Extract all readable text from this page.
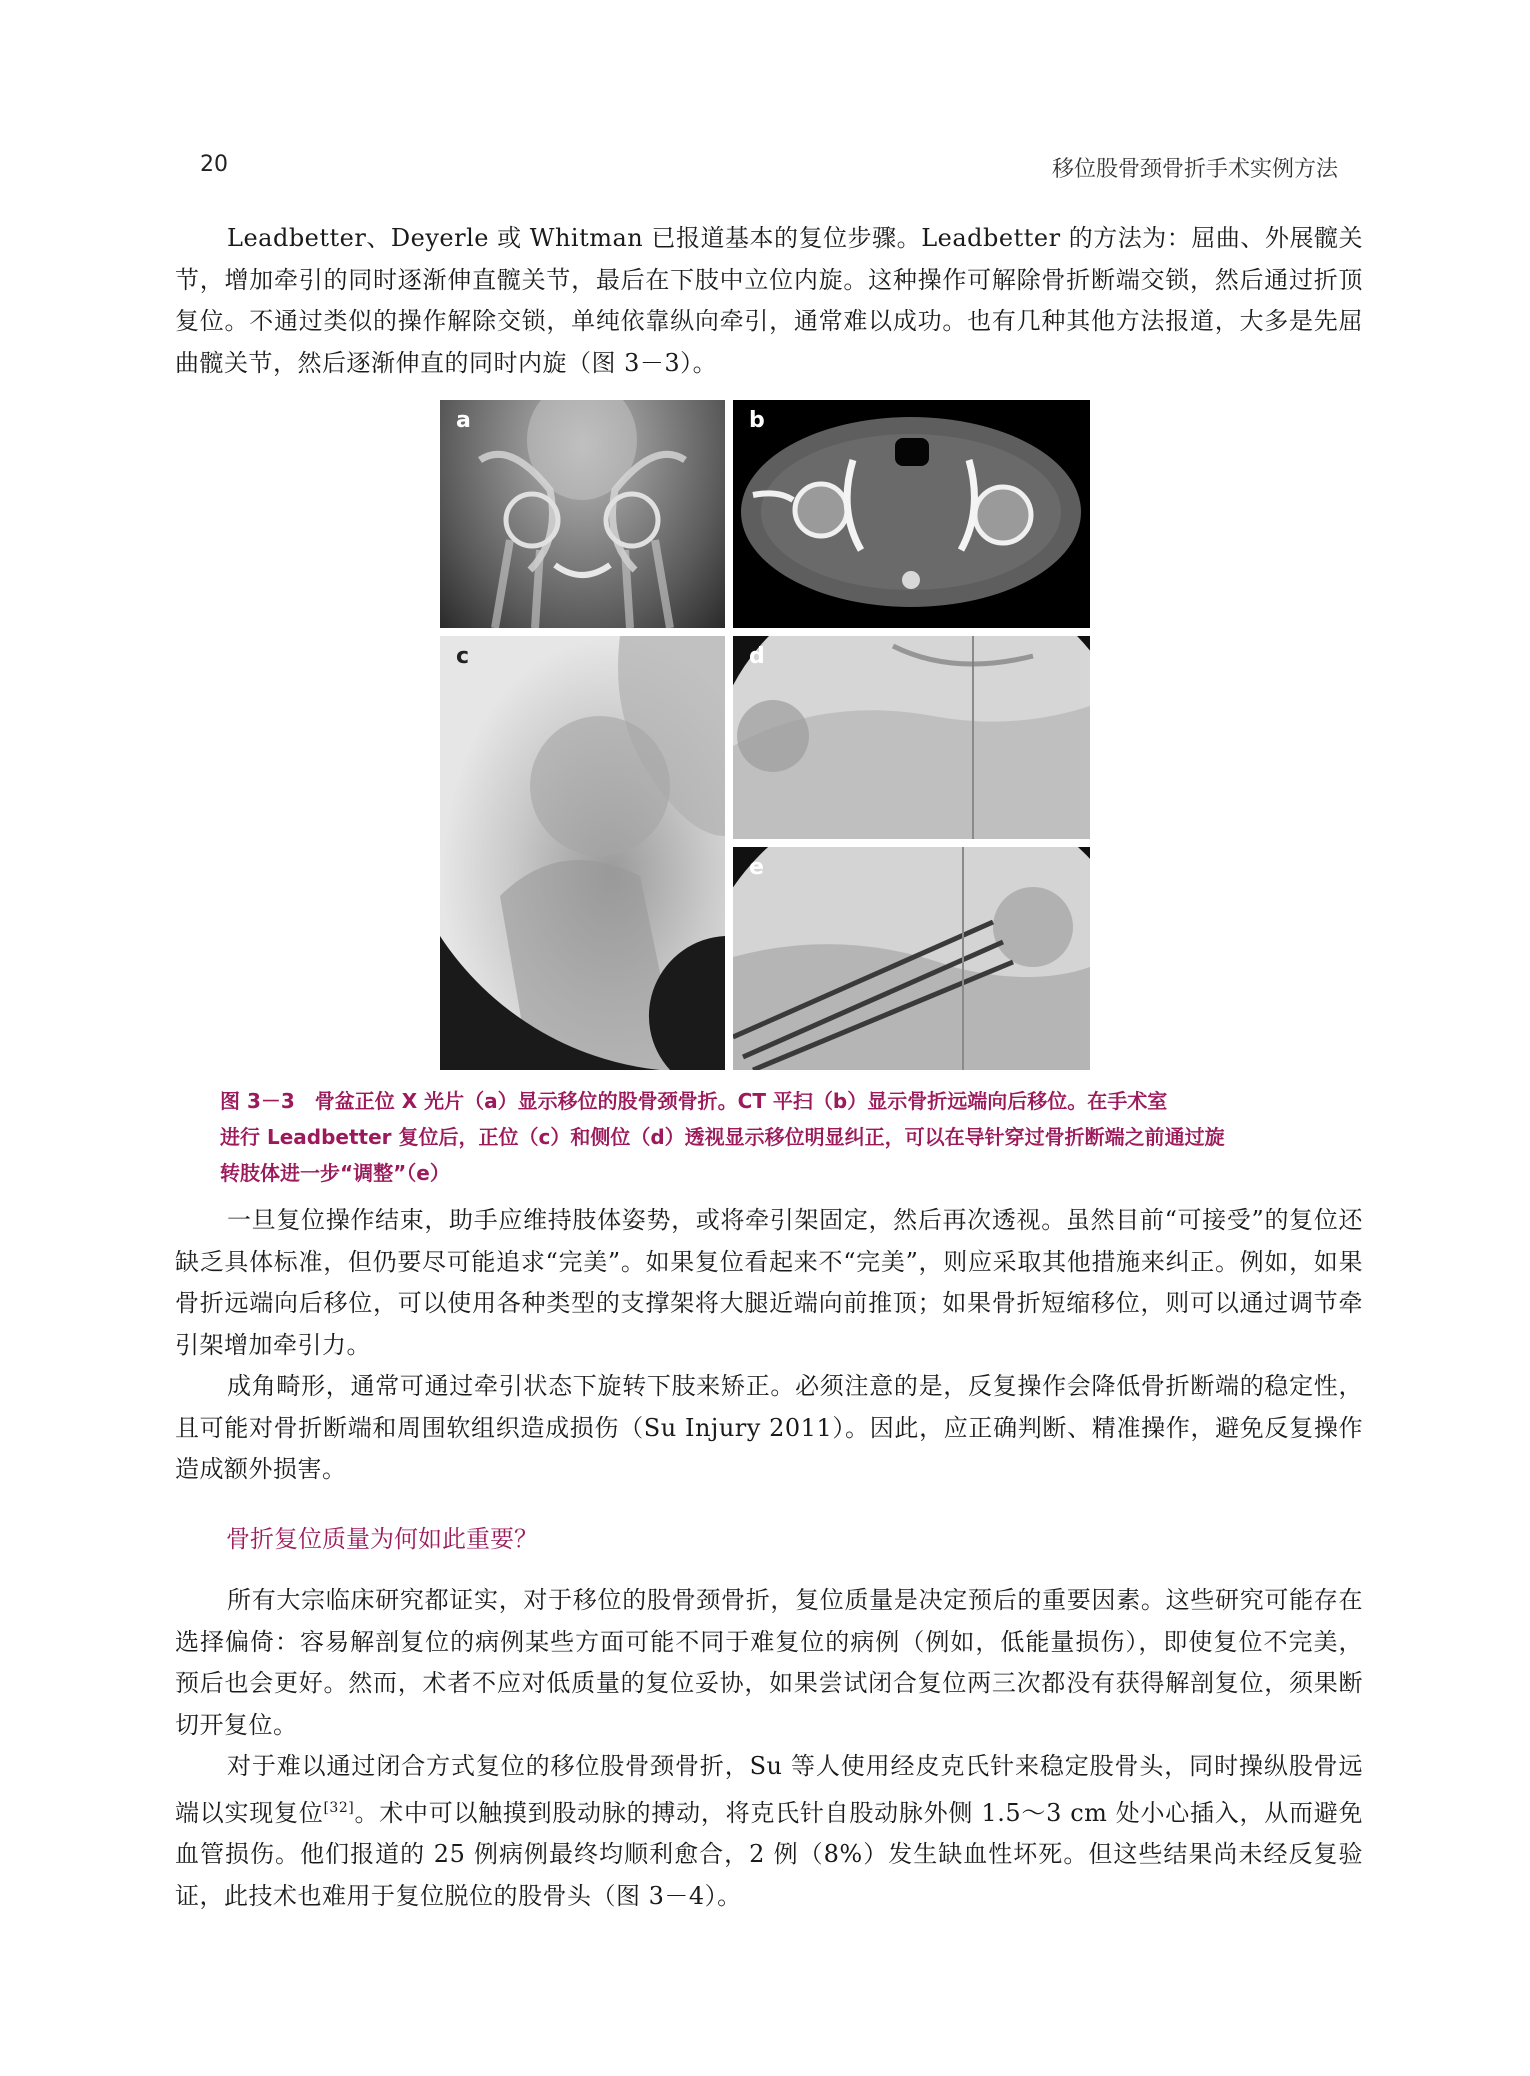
20	移位股骨颈骨折手术实例方法

Leadbetter、Deyerle 或 Whitman 已报道基本的复位步骤。Leadbetter 的方法为：屈曲、外展髋关节，增加牵引的同时逐渐伸直髋关节，最后在下肢中立位内旋。这种操作可解除骨折断端交锁，然后通过折顶复位。不通过类似的操作解除交锁，单纯依靠纵向牵引，通常难以成功。也有几种其他方法报道，大多是先屈曲髋关节，然后逐渐伸直的同时内旋（图 3－3）。

a	b
c	d
e
图 3－3　骨盆正位 X 光片（a）显示移位的股骨颈骨折。CT 平扫（b）显示骨折远端向后移位。在手术室
进行 Leadbetter 复位后，正位（c）和侧位（d）透视显示移位明显纠正，可以在导针穿过骨折断端之前通过旋
转肢体进一步“调整”（e）

一旦复位操作结束，助手应维持肢体姿势，或将牵引架固定，然后再次透视。虽然目前“可接受”的复位还缺乏具体标准，但仍要尽可能追求“完美”。如果复位看起来不“完美”，则应采取其他措施来纠正。例如，如果骨折远端向后移位，可以使用各种类型的支撑架将大腿近端向前推顶；如果骨折短缩移位，则可以通过调节牵引架增加牵引力。

成角畸形，通常可通过牵引状态下旋转下肢来矫正。必须注意的是，反复操作会降低骨折断端的稳定性，且可能对骨折断端和周围软组织造成损伤（Su Injury 2011）。因此，应正确判断、精准操作，避免反复操作造成额外损害。

骨折复位质量为何如此重要？

所有大宗临床研究都证实，对于移位的股骨颈骨折，复位质量是决定预后的重要因素。这些研究可能存在选择偏倚：容易解剖复位的病例某些方面可能不同于难复位的病例（例如，低能量损伤），即使复位不完美，预后也会更好。然而，术者不应对低质量的复位妥协，如果尝试闭合复位两三次都没有获得解剖复位，须果断切开复位。

对于难以通过闭合方式复位的移位股骨颈骨折，Su 等人使用经皮克氏针来稳定股骨头，同时操纵股骨远端以实现复位[32]。术中可以触摸到股动脉的搏动，将克氏针自股动脉外侧 1.5～3 cm 处小心插入，从而避免血管损伤。他们报道的 25 例病例最终均顺利愈合，2 例（8%）发生缺血性坏死。但这些结果尚未经反复验证，此技术也难用于复位脱位的股骨头（图 3－4）。
